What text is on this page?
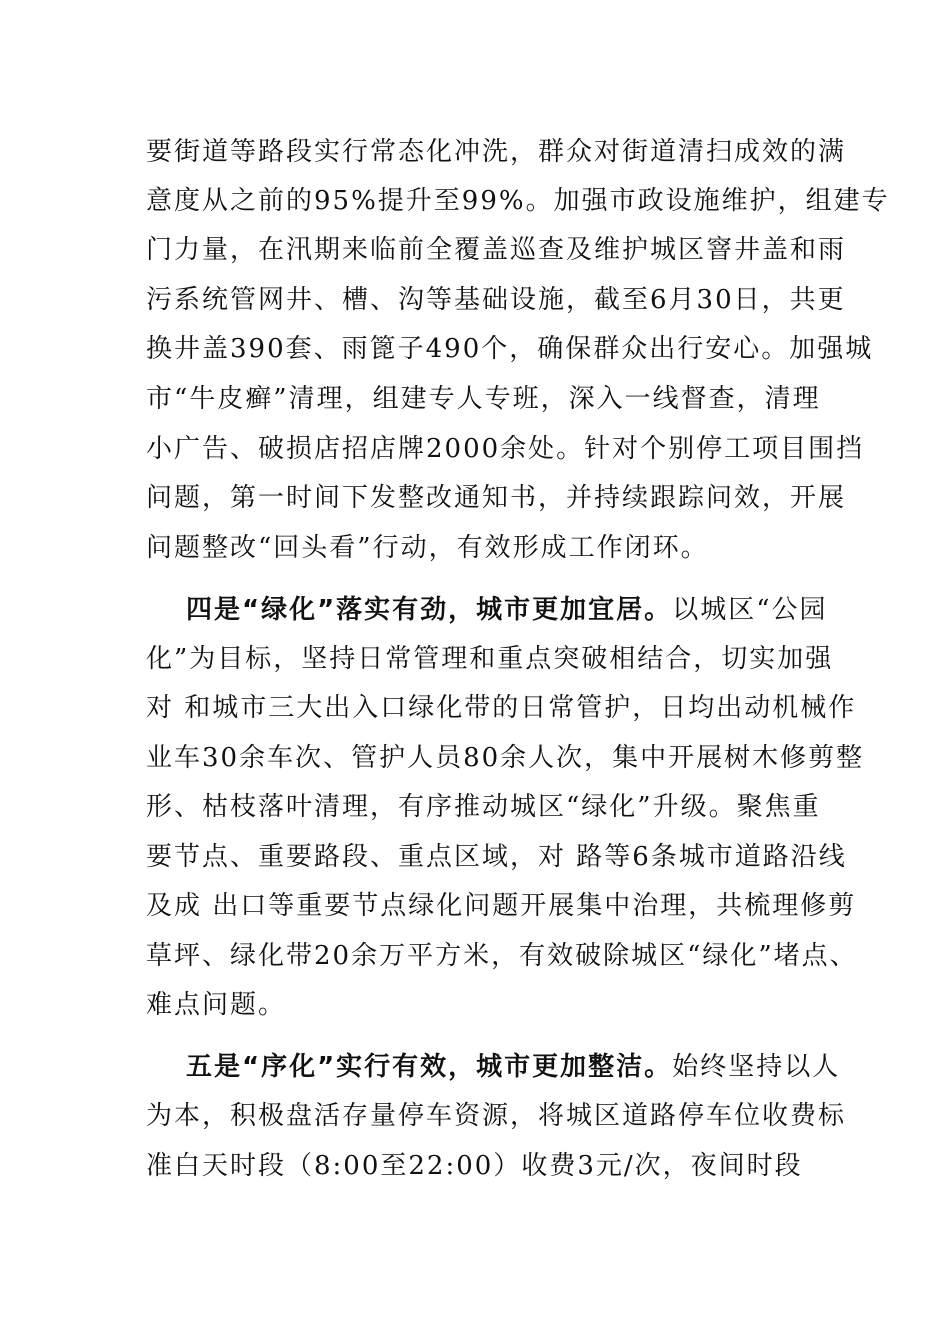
要街道等路段实行常态化冲洗，群众对街道清扫成效的满
意度从之前的95%提升至99%。加强市政设施维护，组建专
门力量，在汛期来临前全覆盖巡查及维护城区窨井盖和雨
污系统管网井、槽、沟等基础设施，截至6月30日，共更
换井盖390套、雨篦子490个，确保群众出行安心。加强城
市“牛皮癣”清理，组建专人专班，深入一线督查，清理
小广告、破损店招店牌2000余处。针对个别停工项目围挡
问题，第一时间下发整改通知书，并持续跟踪问效，开展
问题整改“回头看”行动，有效形成工作闭环。
四是“绿化”落实有劲，城市更加宜居。以城区“公园
化”为目标，坚持日常管理和重点突破相结合，切实加强
对 和城市三大出入口绿化带的日常管护，日均出动机械作
业车30余车次、管护人员80余人次，集中开展树木修剪整
形、枯枝落叶清理，有序推动城区“绿化”升级。聚焦重
要节点、重要路段、重点区域，对 路等6条城市道路沿线
及成 出口等重要节点绿化问题开展集中治理，共梳理修剪
草坪、绿化带20余万平方米，有效破除城区“绿化”堵点、
难点问题。
五是“序化”实行有效，城市更加整洁。始终坚持以人
为本，积极盘活存量停车资源，将城区道路停车位收费标
准白天时段（8:00至22:00）收费3元/次，夜间时段
